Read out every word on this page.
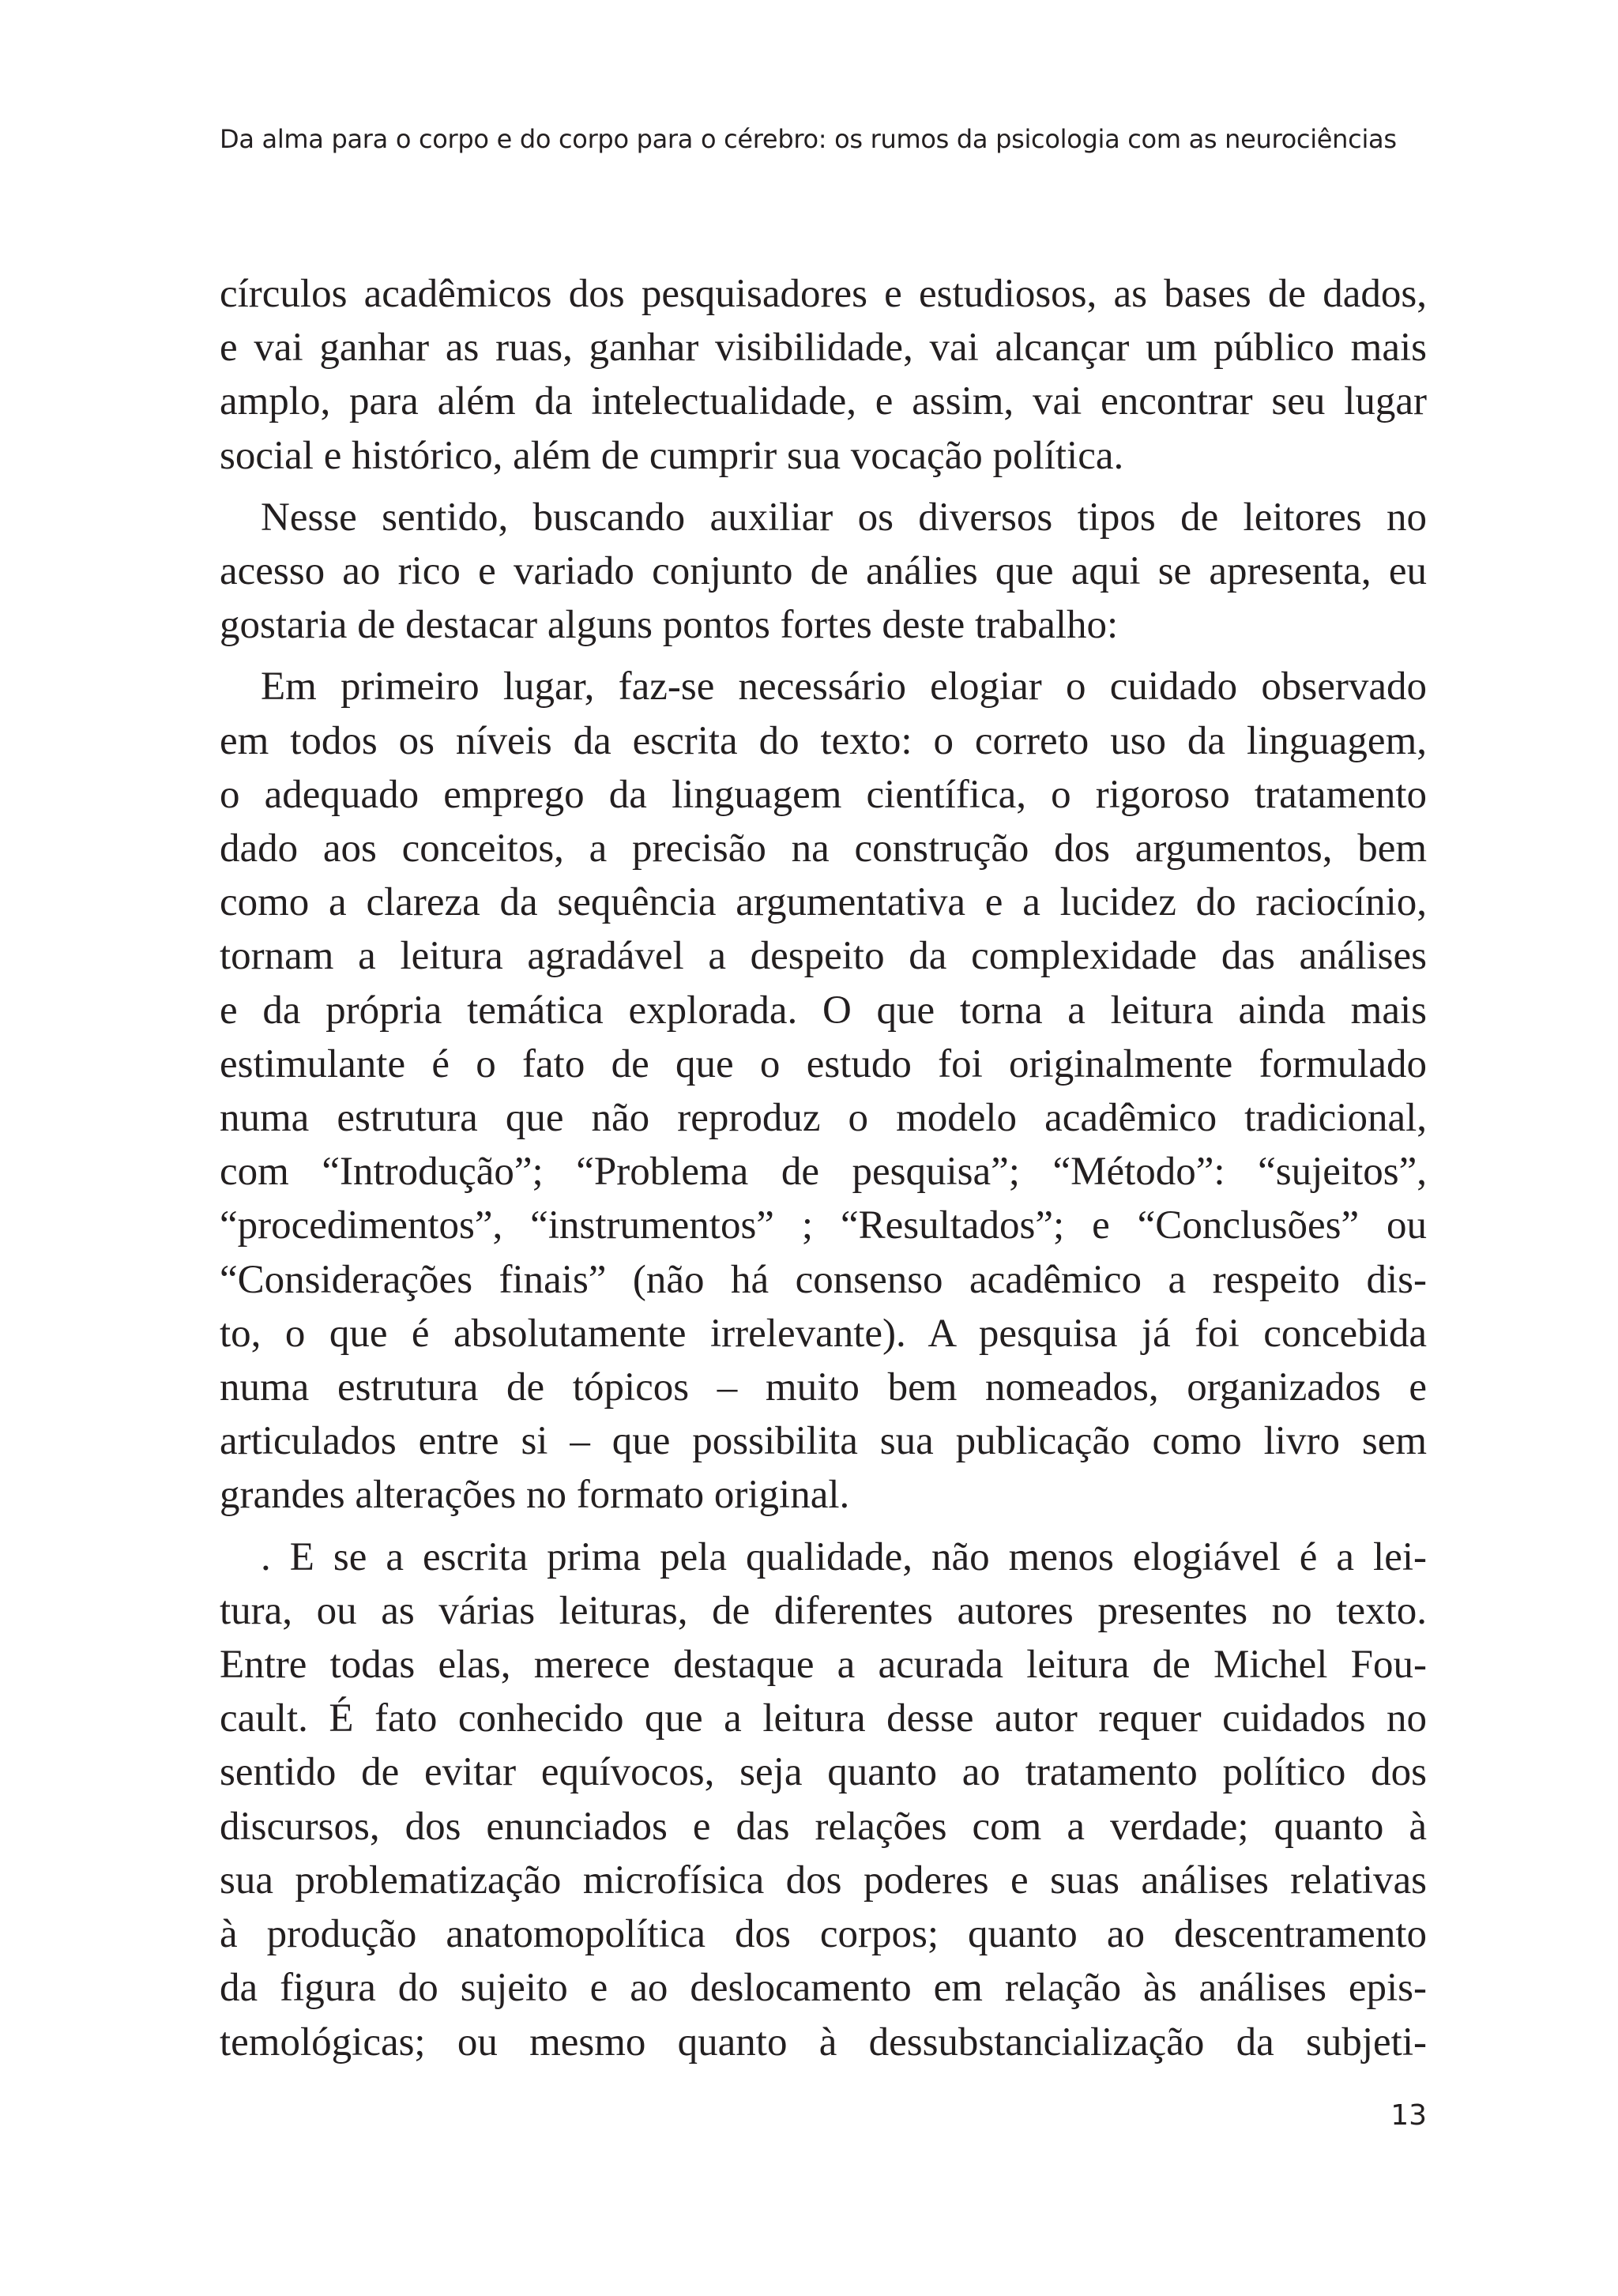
Da alma para o corpo e do corpo para o cérebro: os rumos da psicologia com as neurociências

círculos acadêmicos dos pesquisadores e estudiosos, as bases de dados,

e vai ganhar as ruas, ganhar visibilidade, vai alcançar um público mais

amplo, para além da intelectualidade, e assim, vai encontrar seu lugar

social e histórico, além de cumprir sua vocação política.

Nesse sentido, buscando auxiliar os diversos tipos de leitores no

acesso ao rico e variado conjunto de análies que aqui se apresenta, eu

gostaria de destacar alguns pontos fortes deste trabalho:

Em primeiro lugar, faz-se necessário elogiar o cuidado observado

em todos os níveis da escrita do texto: o correto uso da linguagem,

o adequado emprego da linguagem científica, o rigoroso tratamento

dado aos conceitos, a precisão na construção dos argumentos, bem

como a clareza da sequência argumentativa e a lucidez do raciocínio,

tornam a leitura agradável a despeito da complexidade das análises

e da própria temática explorada. O que torna a leitura ainda mais

estimulante é o fato de que o estudo foi originalmente formulado

numa estrutura que não reproduz o modelo acadêmico tradicional,

com “Introdução”; “Problema de pesquisa”; “Método”: “sujeitos”,

“procedimentos”, “instrumentos” ; “Resultados”; e “Conclusões” ou

“Considerações finais” (não há consenso acadêmico a respeito dis-

to, o que é absolutamente irrelevante). A pesquisa já foi concebida

numa estrutura de tópicos – muito bem nomeados, organizados e

articulados entre si – que possibilita sua publicação como livro sem

grandes alterações no formato original.

. E se a escrita prima pela qualidade, não menos elogiável é a lei-

tura, ou as várias leituras, de diferentes autores presentes no texto.

Entre todas elas, merece destaque a acurada leitura de Michel Fou-

cault. É fato conhecido que a leitura desse autor requer cuidados no

sentido de evitar equívocos, seja quanto ao tratamento político dos

discursos, dos enunciados e das relações com a verdade; quanto à

sua problematização microfísica dos poderes e suas análises relativas

à produção anatomopolítica dos corpos; quanto ao descentramento

da figura do sujeito e ao deslocamento em relação às análises epis-

temológicas; ou mesmo quanto à dessubstancialização da subjeti-

13
